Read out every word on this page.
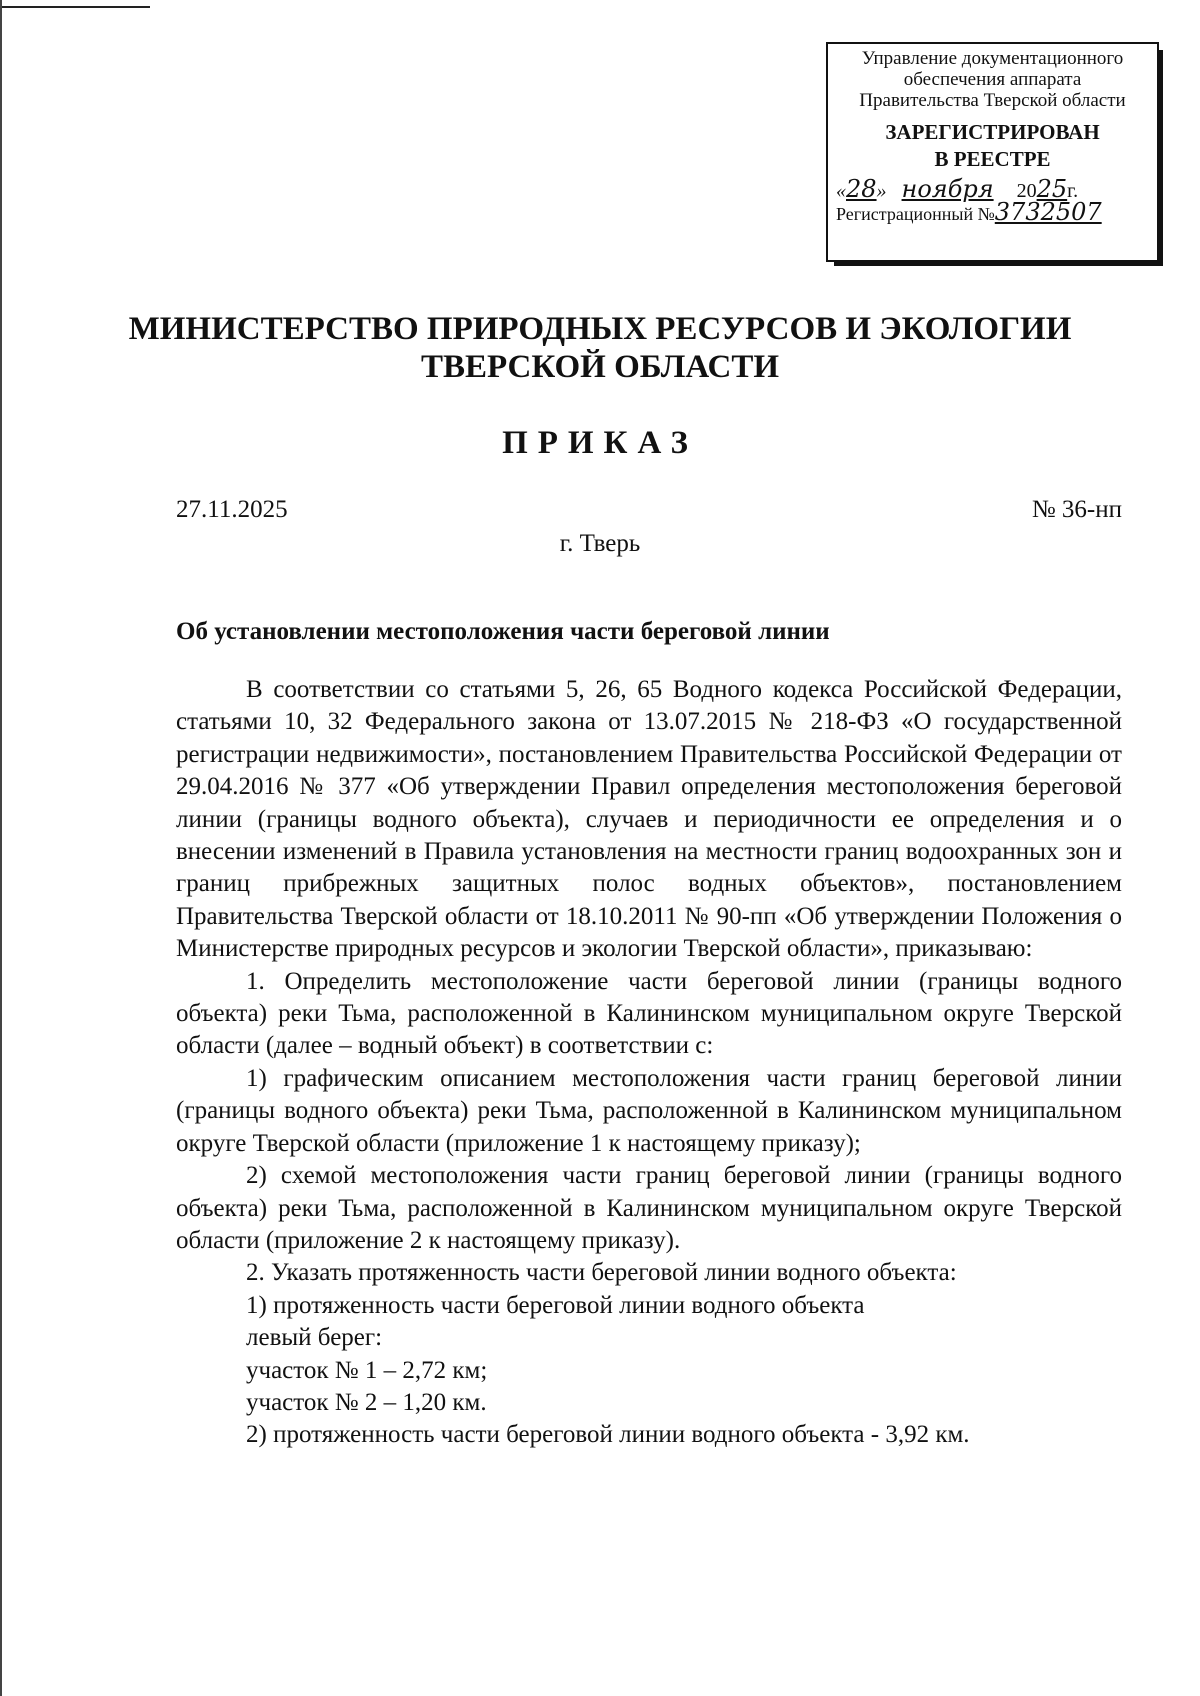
Управление документационного
обеспечения аппарата
Правительства Тверской области
ЗАРЕГИСТРИРОВАН
В РЕЕСТРЕ
«28» ноября 2025г.
Регистрационный №3732507
МИНИСТЕРСТВО ПРИРОДНЫХ РЕСУРСОВ И ЭКОЛОГИИ
ТВЕРСКОЙ ОБЛАСТИ
ПРИКАЗ
27.11.2025	№ 36-нп
г. Тверь
Об установлении местоположения части береговой линии

В соответствии со статьями 5, 26, 65 Водного кодекса Российской Федерации, статьями 10, 32 Федерального закона от 13.07.2015 № 218-ФЗ «О государственной регистрации недвижимости», постановлением Правительства Российской Федерации от 29.04.2016 № 377 «Об утверждении Правил определения местоположения береговой линии (границы водного объекта), случаев и периодичности ее определения и о внесении изменений в Правила установления на местности границ водоохранных зон и границ прибрежных защитных полос водных объектов», постановлением Правительства Тверской области от 18.10.2011 № 90-пп «Об утверждении Положения о Министерстве природных ресурсов и экологии Тверской области», приказываю:

1. Определить местоположение части береговой линии (границы водного объекта) реки Тьма, расположенной в Калининском муниципальном округе Тверской области (далее – водный объект) в соответствии с:

1) графическим описанием местоположения части границ береговой линии (границы водного объекта) реки Тьма, расположенной в Калининском муниципальном округе Тверской области (приложение 1 к настоящему приказу);

2) схемой местоположения части границ береговой линии (границы водного объекта) реки Тьма, расположенной в Калининском муниципальном округе Тверской области (приложение 2 к настоящему приказу).

2. Указать протяженность части береговой линии водного объекта:

1) протяженность части береговой линии водного объекта

левый берег:

участок № 1 – 2,72 км;

участок № 2 – 1,20 км.

2) протяженность части береговой линии водного объекта - 3,92 км.
